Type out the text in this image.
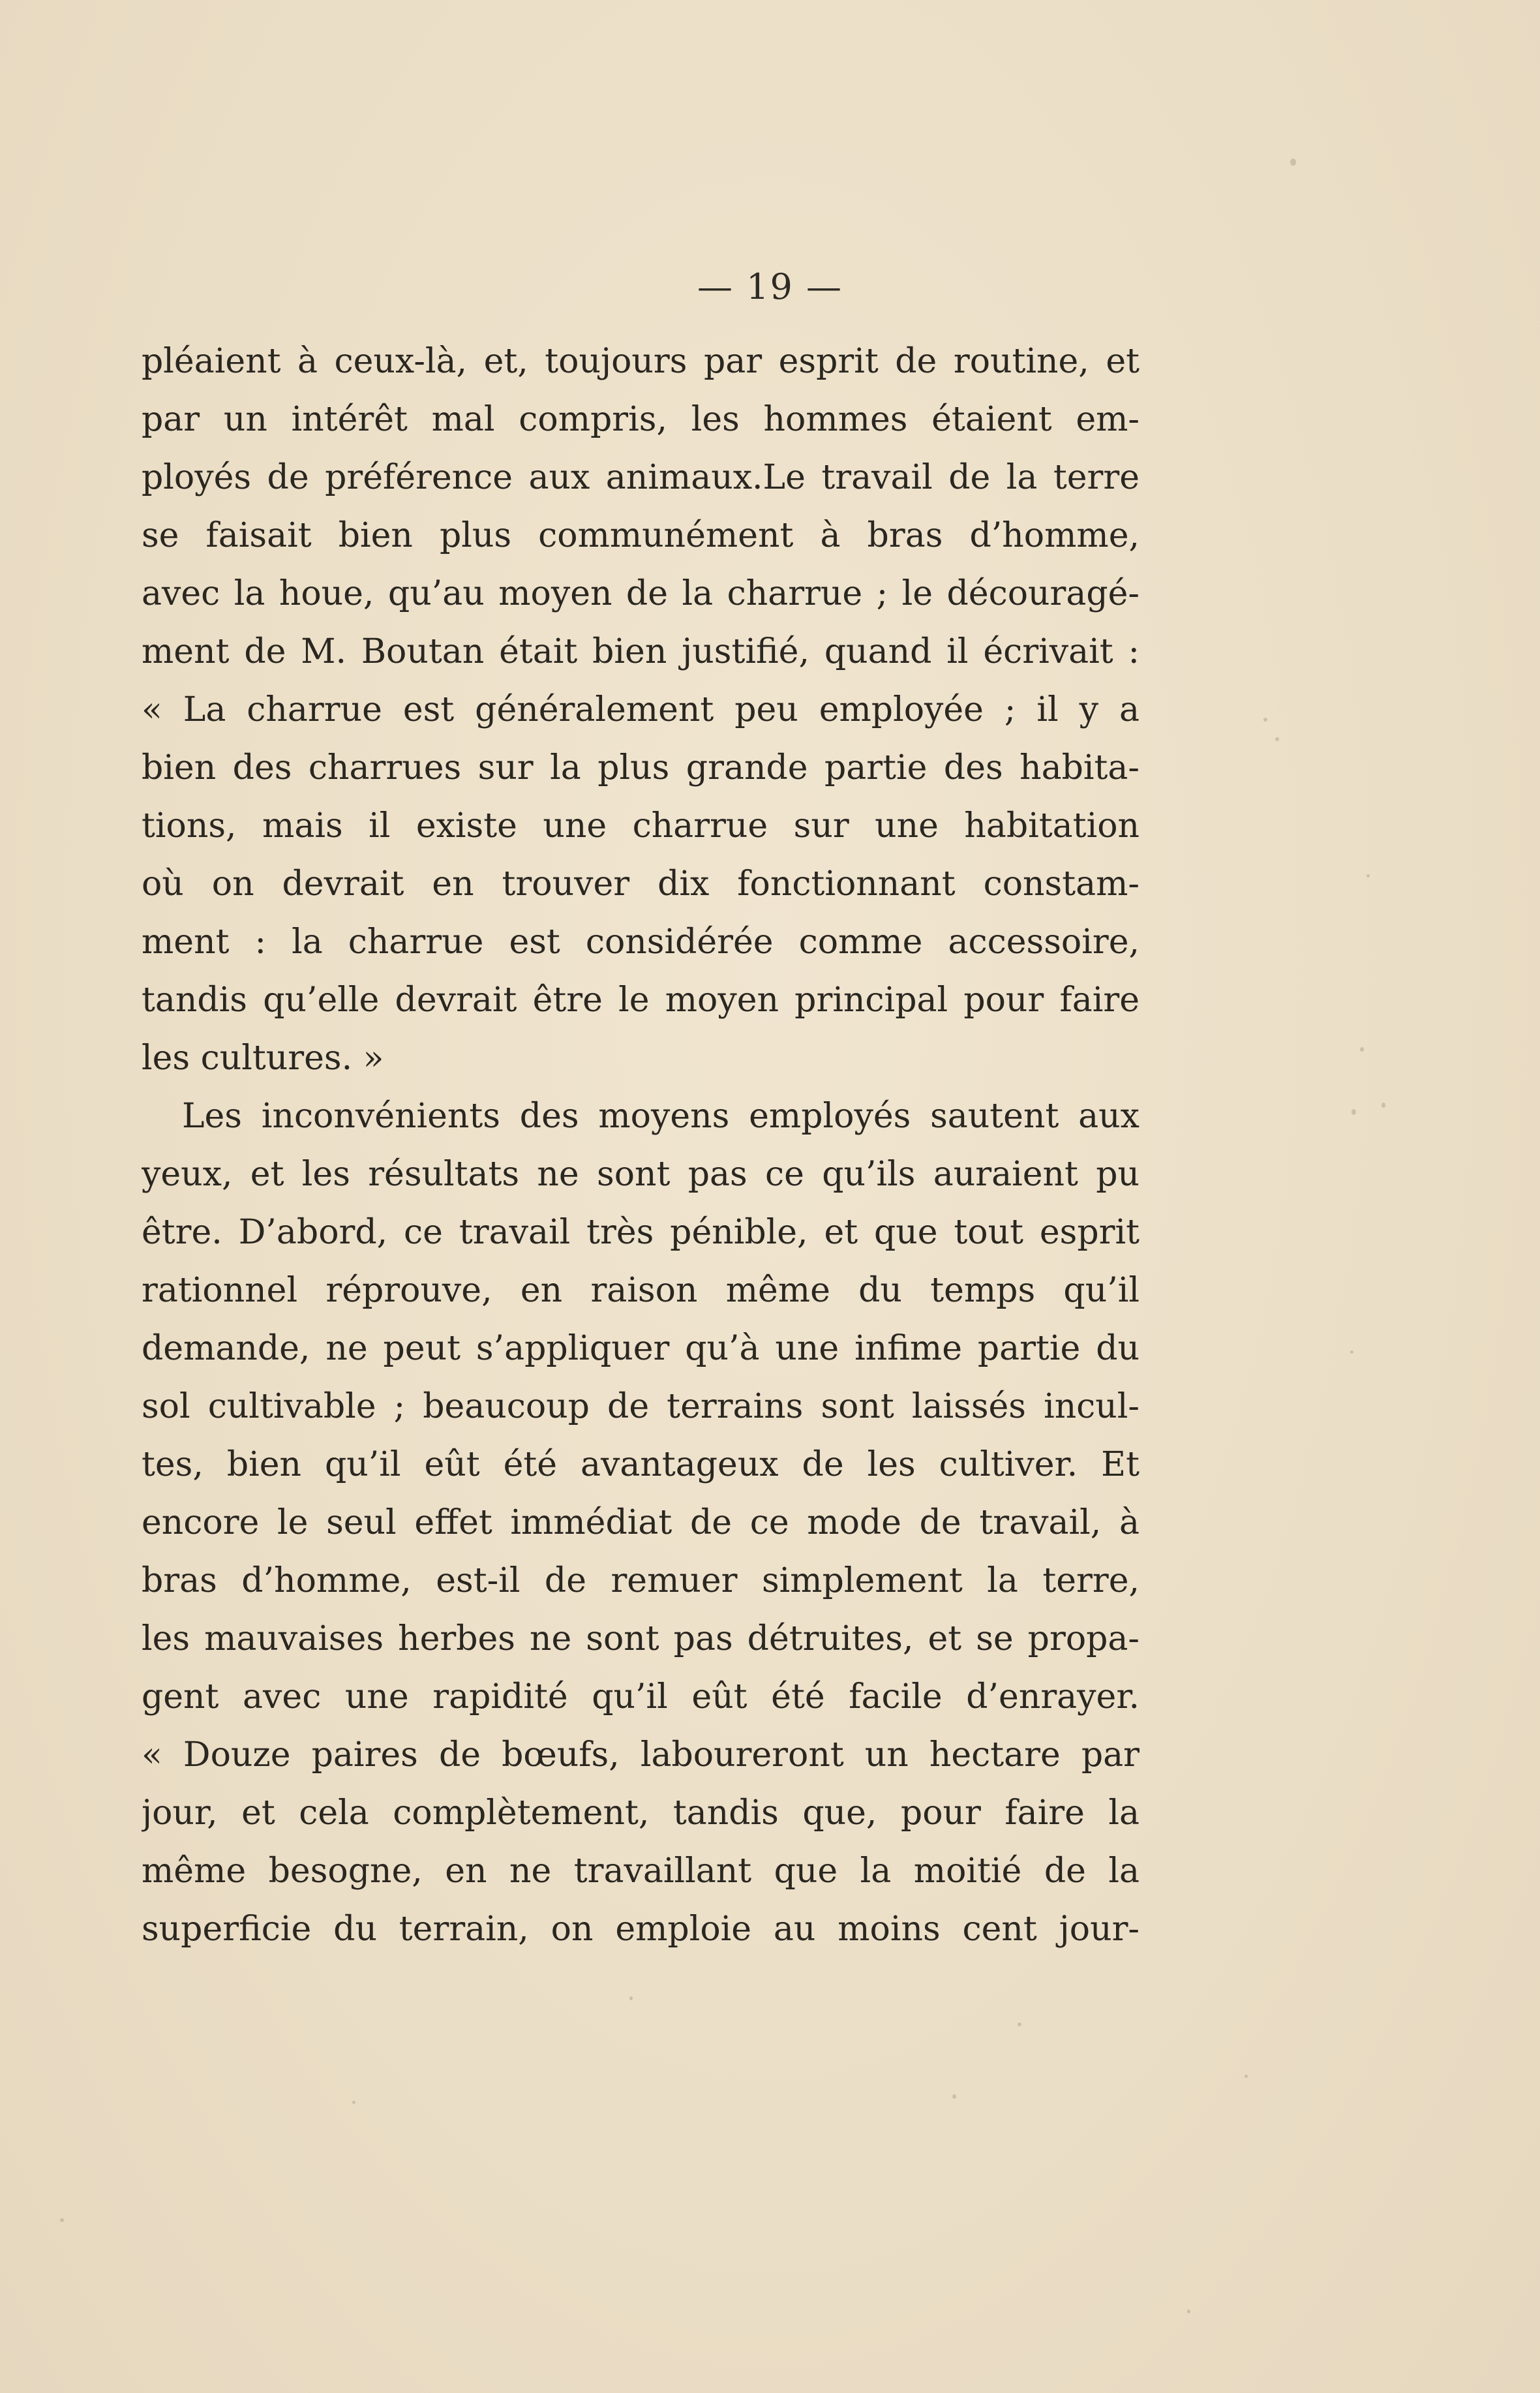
— 19 —
pléaient à ceux-là, et, toujours par esprit de routine, et
par un intérêt mal compris, les hommes étaient em-
ployés de préférence aux animaux.Le travail de la terre
se faisait bien plus communément à bras d’homme,
avec la houe, qu’au moyen de la charrue ; le découragé-
ment de M. Boutan était bien justifié, quand il écrivait :
« La charrue est généralement peu employée ; il y a
bien des charrues sur la plus grande partie des habita-
tions, mais il existe une charrue sur une habitation
où on devrait en trouver dix fonctionnant constam-
ment : la charrue est considérée comme accessoire,
tandis qu’elle devrait être le moyen principal pour faire
les cultures. »
Les inconvénients des moyens employés sautent aux
yeux, et les résultats ne sont pas ce qu’ils auraient pu
être. D’abord, ce travail très pénible, et que tout esprit
rationnel réprouve, en raison même du temps qu’il
demande, ne peut s’appliquer qu’à une infime partie du
sol cultivable ; beaucoup de terrains sont laissés incul-
tes, bien qu’il eût été avantageux de les cultiver. Et
encore le seul effet immédiat de ce mode de travail, à
bras d’homme, est-il de remuer simplement la terre,
les mauvaises herbes ne sont pas détruites, et se propa-
gent avec une rapidité qu’il eût été facile d’enrayer.
« Douze paires de bœufs, laboureront un hectare par
jour, et cela complètement, tandis que, pour faire la
même besogne, en ne travaillant que la moitié de la
superficie du terrain, on emploie au moins cent jour-
